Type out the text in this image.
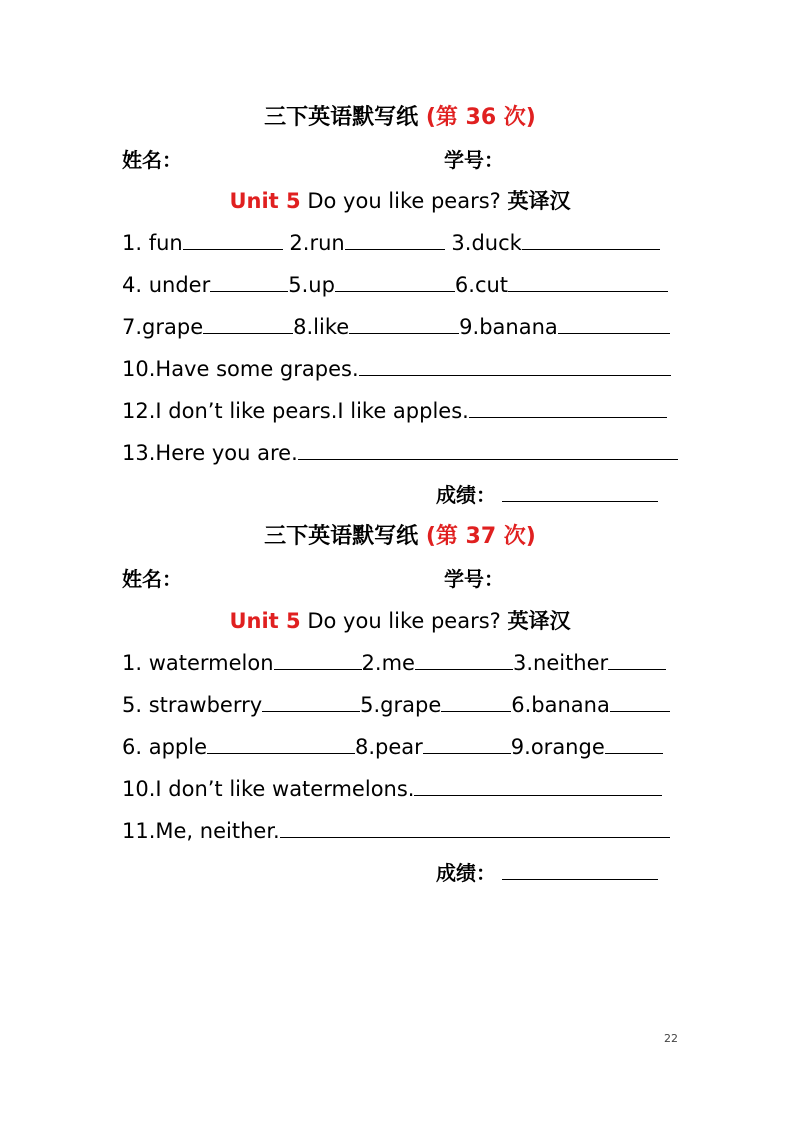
三下英语默写纸 (第 36 次)
姓名：	学号：
Unit 5 Do you like pears? 英译汉
1. fun	2.run	3.duck
4. under	5.up	6.cut
7.grape	8.like	9.banana
10.Have some grapes.
12.I don’t like pears.I like apples.
13.Here you are.
成绩：
三下英语默写纸 (第 37 次)
姓名：	学号：
Unit 5 Do you like pears? 英译汉
1. watermelon	2.me	3.neither
5. strawberry	5.grape	6.banana
6. apple	8.pear	9.orange
10.I don’t like watermelons.
11.Me, neither.
成绩：
22
